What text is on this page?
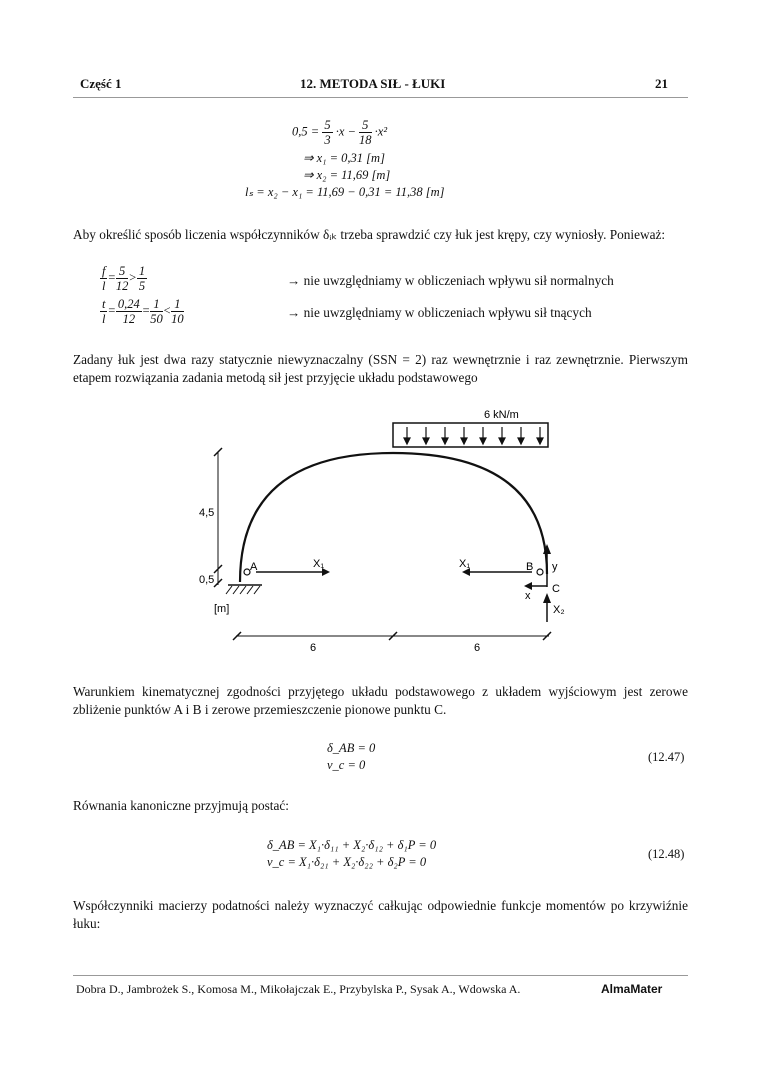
Część 1	12. METODA SIŁ - ŁUKI	21
$0,5 = \frac{5}{3} \cdot x - \frac{5}{18} \cdot x^2$
⇒ x₁ = 0,31 [m]
⇒ x₂ = 11,69 [m]
lₛ = x₂ − x₁ = 11,69 − 0,31 = 11,38 [m]
Aby określić sposób liczenia współczynników δᵢₖ trzeba sprawdzić czy łuk jest krępy, czy wyniosły. Ponieważ:
$\frac{f}{l} = \frac{5}{12} > \frac{1}{5}$	→ nie uwzględniamy w obliczeniach wpływu sił normalnych
$\frac{t}{l} = \frac{0,24}{12} = \frac{1}{50} < \frac{1}{10}$	→ nie uwzględniamy w obliczeniach wpływu sił tnących
Zadany łuk jest dwa razy statycznie niewyznaczalny (SSN = 2) raz wewnętrznie i raz zewnętrznie. Pierwszym etapem rozwiązania zadania metodą sił jest przyjęcie układu podstawowego
6 kN/m
4,5
0,5
[m]
A	X₁	X₁	B y
x
C
X₂
6	6
Warunkiem kinematycznej zgodności przyjętego układu podstawowego z układem wyjściowym jest zerowe zbliżenie punktów A i B i zerowe przemieszczenie pionowe punktu C.
δ_AB = 0
v_c = 0
(12.47)
Równania kanoniczne przyjmują postać:
δ_AB = X₁·δ₁₁ + X₂·δ₁₂ + δ₁P = 0
v_c = X₁·δ₂₁ + X₂·δ₂₂ + δ₂P = 0
(12.48)
Współczynniki macierzy podatności należy wyznaczyć całkując odpowiednie funkcje momentów po krzywiźnie łuku:
Dobra D., Jambrożek S., Komosa M., Mikołajczak E., Przybylska P., Sysak A., Wdowska A.	AlmaMater
